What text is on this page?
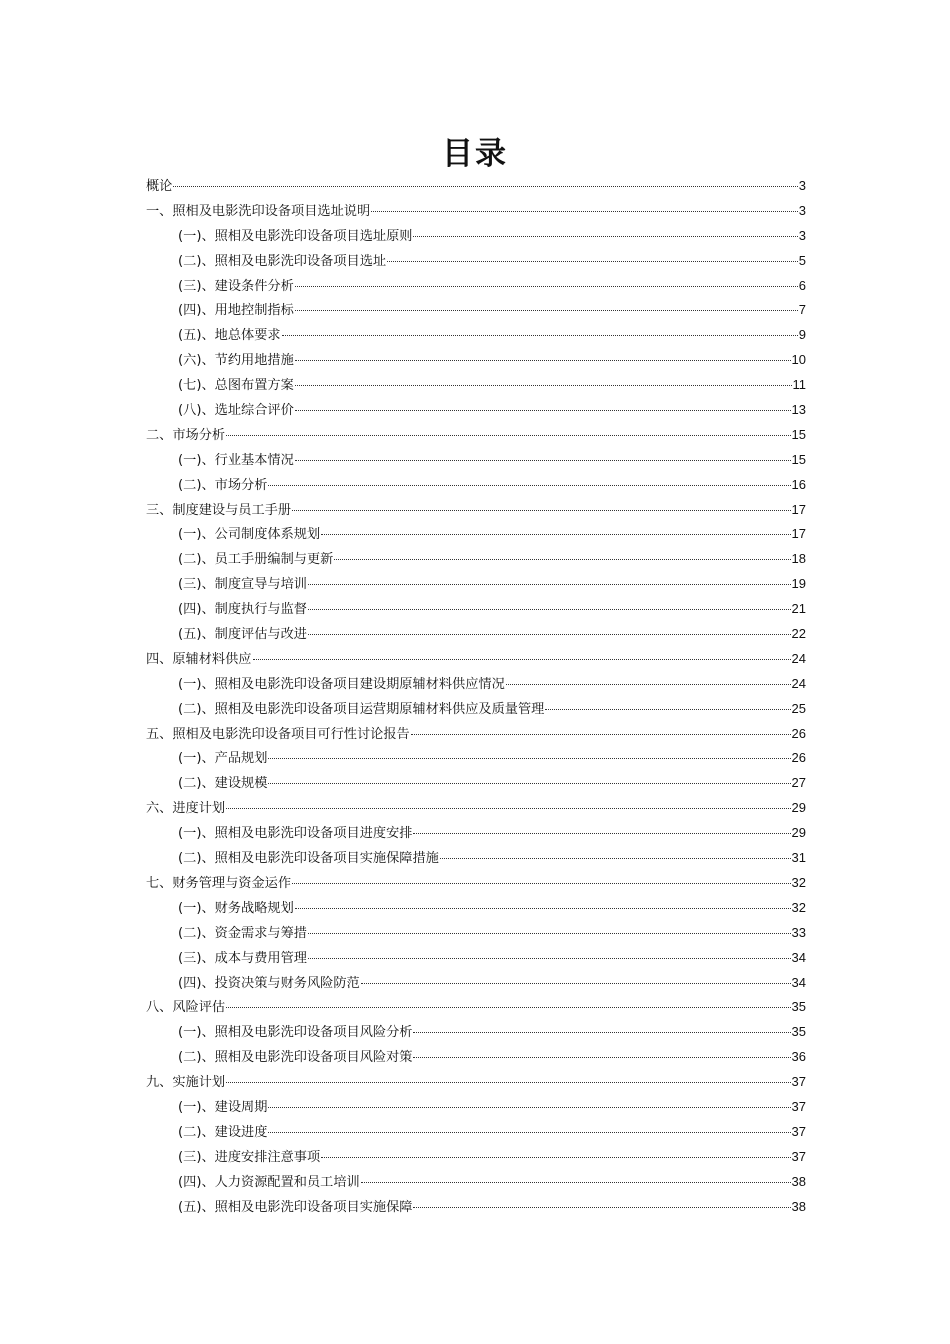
目录
概论	3
一、照相及电影洗印设备项目选址说明	3
(一)、照相及电影洗印设备项目选址原则	3
(二)、照相及电影洗印设备项目选址	5
(三)、建设条件分析	6
(四)、用地控制指标	7
(五)、地总体要求	9
(六)、节约用地措施	10
(七)、总图布置方案	11
(八)、选址综合评价	13
二、市场分析	15
(一)、行业基本情况	15
(二)、市场分析	16
三、制度建设与员工手册	17
(一)、公司制度体系规划	17
(二)、员工手册编制与更新	18
(三)、制度宣导与培训	19
(四)、制度执行与监督	21
(五)、制度评估与改进	22
四、原辅材料供应	24
(一)、照相及电影洗印设备项目建设期原辅材料供应情况	24
(二)、照相及电影洗印设备项目运营期原辅材料供应及质量管理	25
五、照相及电影洗印设备项目可行性讨论报告	26
(一)、产品规划	26
(二)、建设规模	27
六、进度计划	29
(一)、照相及电影洗印设备项目进度安排	29
(二)、照相及电影洗印设备项目实施保障措施	31
七、财务管理与资金运作	32
(一)、财务战略规划	32
(二)、资金需求与筹措	33
(三)、成本与费用管理	34
(四)、投资决策与财务风险防范	34
八、风险评估	35
(一)、照相及电影洗印设备项目风险分析	35
(二)、照相及电影洗印设备项目风险对策	36
九、实施计划	37
(一)、建设周期	37
(二)、建设进度	37
(三)、进度安排注意事项	37
(四)、人力资源配置和员工培训	38
(五)、照相及电影洗印设备项目实施保障	38
